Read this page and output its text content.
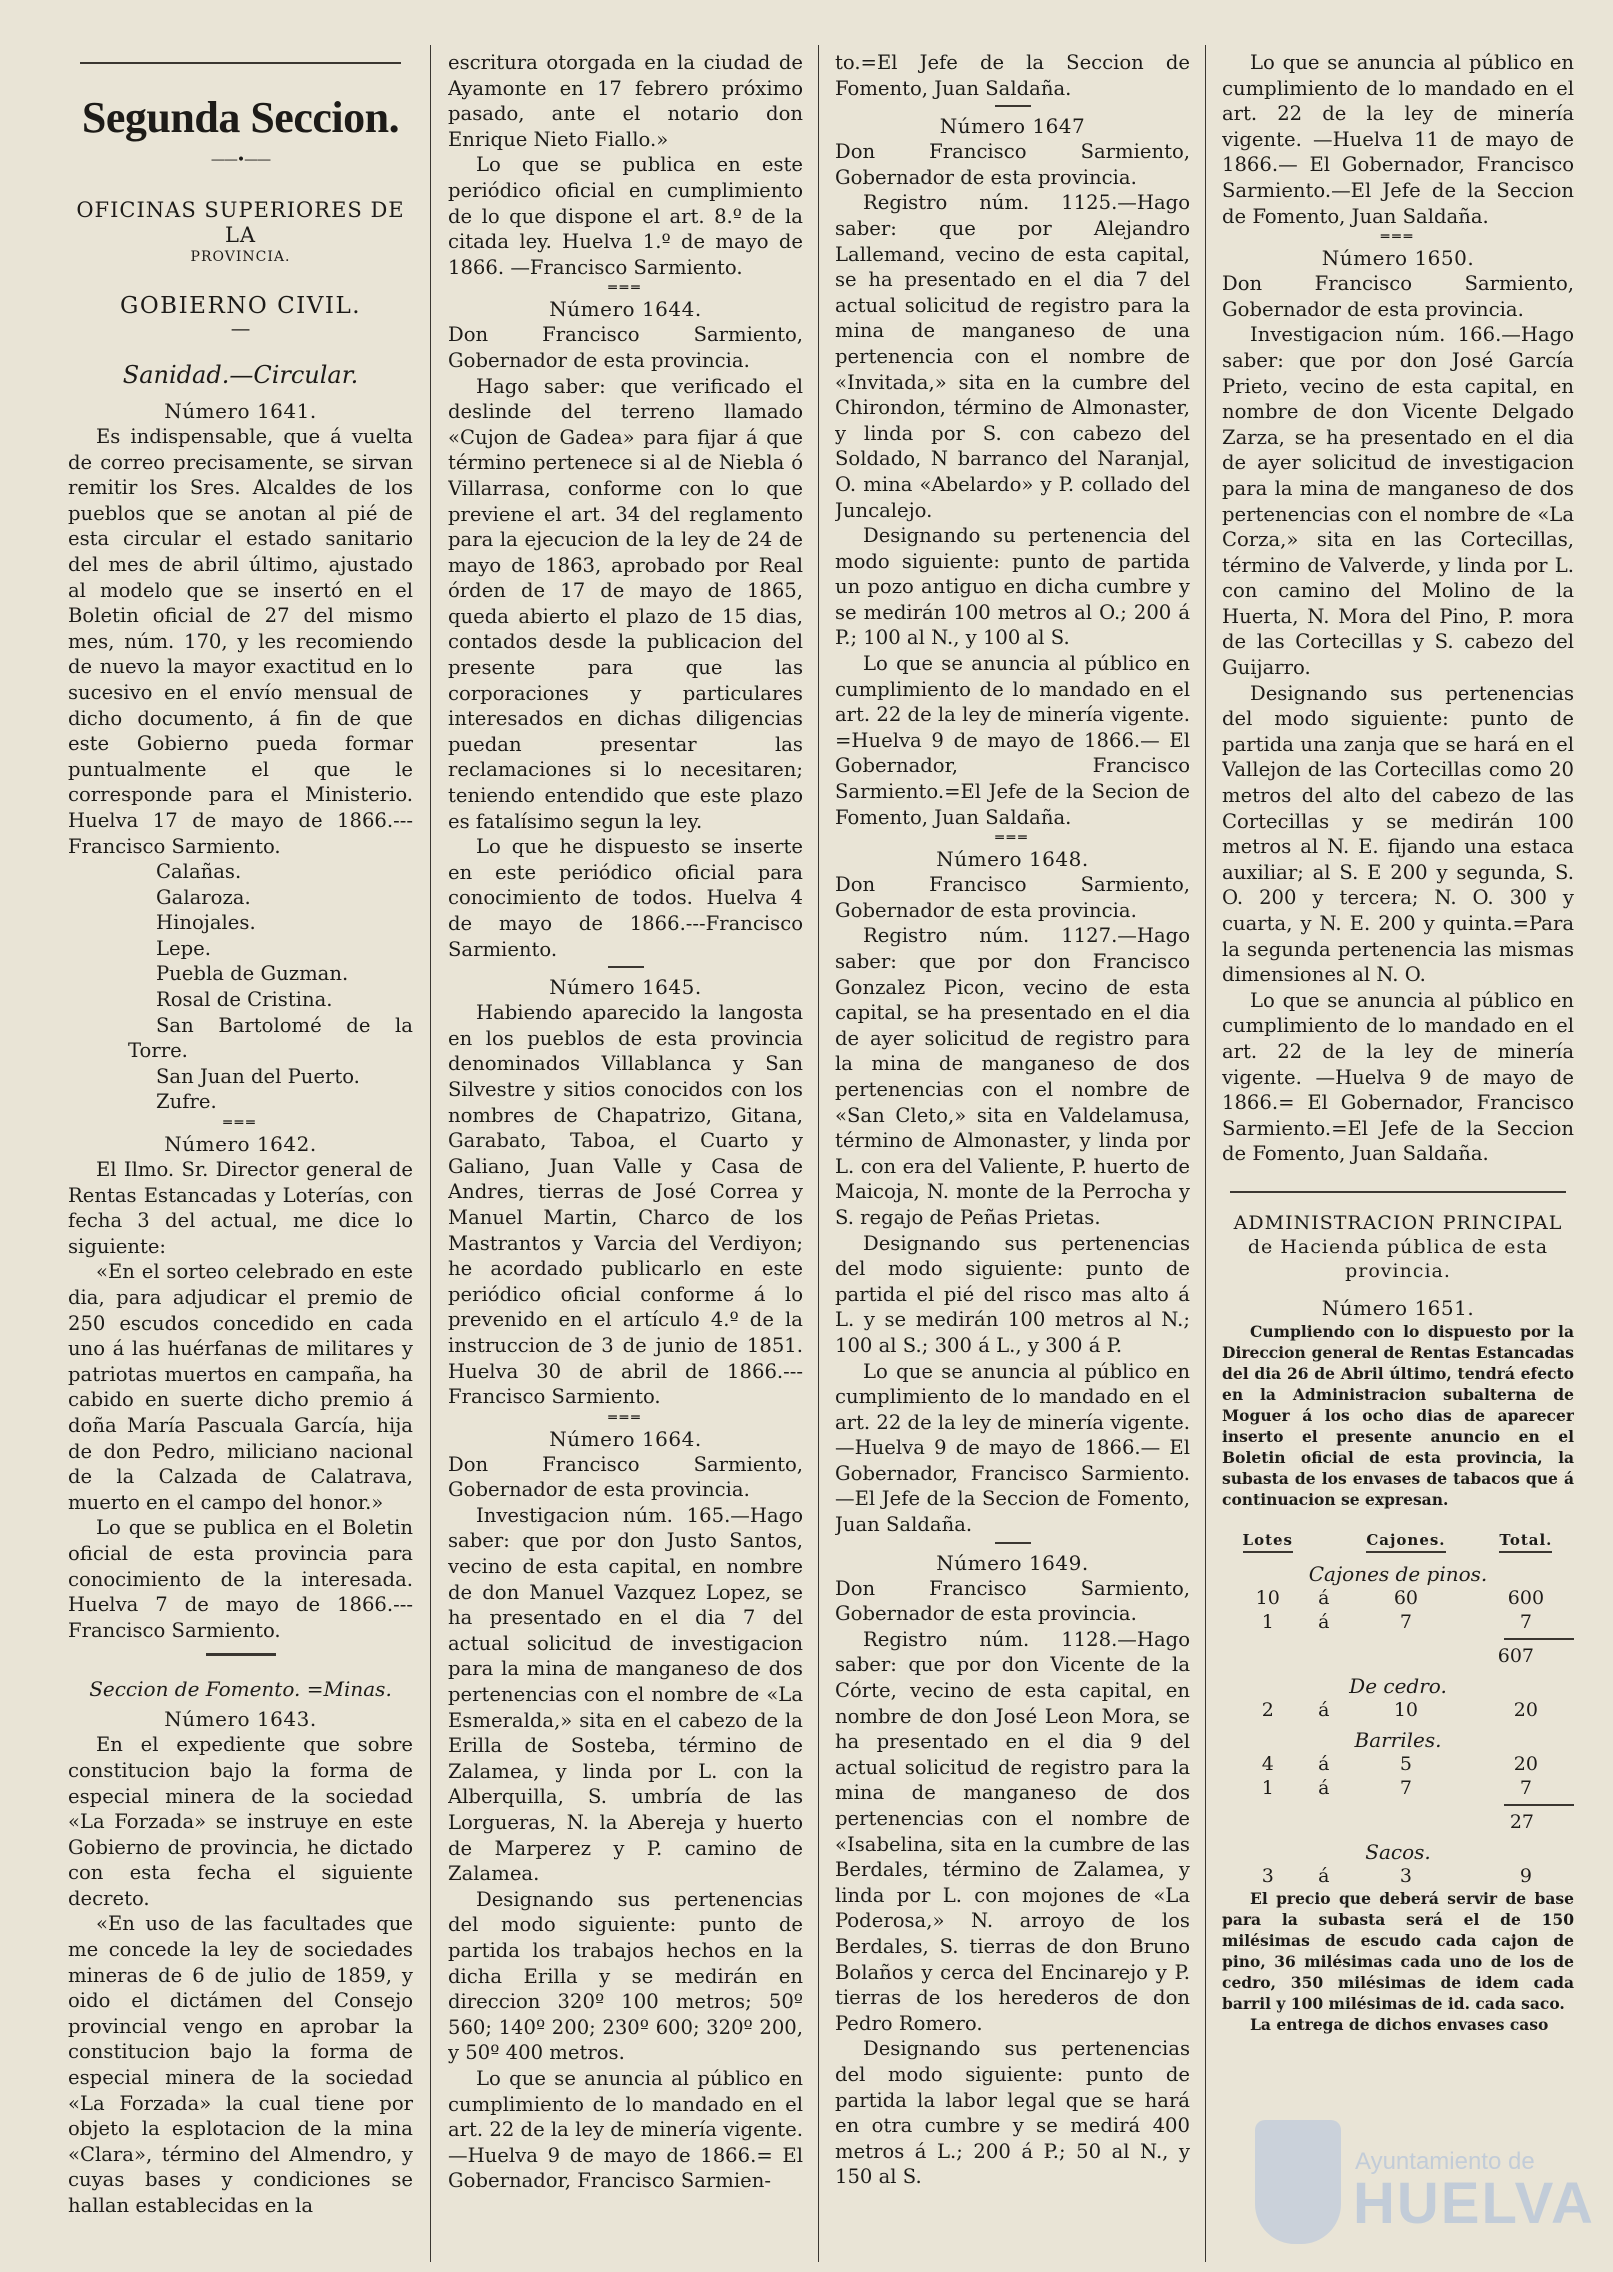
Segunda Seccion.
——•——
OFICINAS SUPERIORES DE LA
PROVINCIA.
GOBIERNO CIVIL.
—
Sanidad.—Circular.
Número 1641.

Es indispensable, que á vuelta de correo precisamente, se sirvan remitir los Sres. Alcaldes de los pueblos que se anotan al pié de esta circular el estado sanitario del mes de abril último, ajustado al modelo que se insertó en el Boletin oficial de 27 del mismo mes, núm. 170, y les recomiendo de nuevo la mayor exactitud en lo sucesivo en el envío mensual de dicho documento, á fin de que este Gobierno pueda formar puntualmente el que le corresponde para el Ministerio. Huelva 17 de mayo de 1866.---Francisco Sarmiento.

Calañas.

Galaroza.

Hinojales.

Lepe.

Puebla de Guzman.

Rosal de Cristina.

San Bartolomé de la Torre.

San Juan del Puerto.

Zufre.

═══
Número 1642.

El Ilmo. Sr. Director general de Rentas Estancadas y Loterías, con fecha 3 del actual, me dice lo siguiente:

«En el sorteo celebrado en este dia, para adjudicar el premio de 250 escudos concedido en cada uno á las huérfanas de militares y patriotas muertos en campaña, ha cabido en suerte dicho premio á doña María Pascuala García, hija de don Pedro, miliciano nacional de la Calzada de Calatrava, muerto en el campo del honor.»

Lo que se publica en el Boletin oficial de esta provincia para conocimiento de la interesada. Huelva 7 de mayo de 1866.---Francisco Sarmiento.

Seccion de Fomento. =Minas.
Número 1643.

En el expediente que sobre constitucion bajo la forma de especial minera de la sociedad «La Forzada» se instruye en este Gobierno de provincia, he dictado con esta fecha el siguiente decreto.

«En uso de las facultades que me concede la ley de sociedades mineras de 6 de julio de 1859, y oido el dictámen del Consejo provincial vengo en aprobar la constitucion bajo la forma de especial minera de la sociedad «La Forzada» la cual tiene por objeto la esplotacion de la mina «Clara», término del Almendro, y cuyas bases y condiciones se hallan establecidas en la

escritura otorgada en la ciudad de Ayamonte en 17 febrero próximo pasado, ante el notario don Enrique Nieto Fiallo.»

Lo que se publica en este periódico oficial en cumplimiento de lo que dispone el art. 8.º de la citada ley. Huelva 1.º de mayo de 1866. —Francisco Sarmiento.

═══
Número 1644.

Don Francisco Sarmiento, Gobernador de esta provincia.

Hago saber: que verificado el deslinde del terreno llamado «Cujon de Gadea» para fijar á que término pertenece si al de Niebla ó Villarrasa, conforme con lo que previene el art. 34 del reglamento para la ejecucion de la ley de 24 de mayo de 1863, aprobado por Real órden de 17 de mayo de 1865, queda abierto el plazo de 15 dias, contados desde la publicacion del presente para que las corporaciones y particulares interesados en dichas diligencias puedan presentar las reclamaciones si lo necesitaren; teniendo entendido que este plazo es fatalísimo segun la ley.

Lo que he dispuesto se inserte en este periódico oficial para conocimiento de todos. Huelva 4 de mayo de 1866.---Francisco Sarmiento.

Número 1645.

Habiendo aparecido la langosta en los pueblos de esta provincia denominados Villablanca y San Silvestre y sitios conocidos con los nombres de Chapatrizo, Gitana, Garabato, Taboa, el Cuarto y Galiano, Juan Valle y Casa de Andres, tierras de José Correa y Manuel Martin, Charco de los Mastrantos y Varcia del Verdiyon; he acordado publicarlo en este periódico oficial conforme á lo prevenido en el artículo 4.º de la instruccion de 3 de junio de 1851. Huelva 30 de abril de 1866.---Francisco Sarmiento.

═══
Número 1664.

Don Francisco Sarmiento, Gobernador de esta provincia.

Investigacion núm. 165.—Hago saber: que por don Justo Santos, vecino de esta capital, en nombre de don Manuel Vazquez Lopez, se ha presentado en el dia 7 del actual solicitud de investigacion para la mina de manganeso de dos pertenencias con el nombre de «La Esmeralda,» sita en el cabezo de la Erilla de Sosteba, término de Zalamea, y linda por L. con la Alberquilla, S. umbría de las Lorgueras, N. la Abereja y huerto de Marperez y P. camino de Zalamea.

Designando sus pertenencias del modo siguiente: punto de partida los trabajos hechos en la dicha Erilla y se medirán en direccion 320º 100 metros; 50º 560; 140º 200; 230º 600; 320º 200, y 50º 400 metros.

Lo que se anuncia al público en cumplimiento de lo mandado en el art. 22 de la ley de minería vigente. —Huelva 9 de mayo de 1866.= El Gobernador, Francisco Sarmien-

to.=El Jefe de la Seccion de Fomento, Juan Saldaña.

Número 1647

Don Francisco Sarmiento, Gobernador de esta provincia.

Registro núm. 1125.—Hago saber: que por Alejandro Lallemand, vecino de esta capital, se ha presentado en el dia 7 del actual solicitud de registro para la mina de manganeso de una pertenencia con el nombre de «Invitada,» sita en la cumbre del Chirondon, término de Almonaster, y linda por S. con cabezo del Soldado, N barranco del Naranjal, O. mina «Abelardo» y P. collado del Juncalejo.

Designando su pertenencia del modo siguiente: punto de partida un pozo antiguo en dicha cumbre y se medirán 100 metros al O.; 200 á P.; 100 al N., y 100 al S.

Lo que se anuncia al público en cumplimiento de lo mandado en el art. 22 de la ley de minería vigente. =Huelva 9 de mayo de 1866.— El Gobernador, Francisco Sarmiento.=El Jefe de la Secion de Fomento, Juan Saldaña.

═══
Número 1648.

Don Francisco Sarmiento, Gobernador de esta provincia.

Registro núm. 1127.—Hago saber: que por don Francisco Gonzalez Picon, vecino de esta capital, se ha presentado en el dia de ayer solicitud de registro para la mina de manganeso de dos pertenencias con el nombre de «San Cleto,» sita en Valdelamusa, término de Almonaster, y linda por L. con era del Valiente, P. huerto de Maicoja, N. monte de la Perrocha y S. regajo de Peñas Prietas.

Designando sus pertenencias del modo siguiente: punto de partida el pié del risco mas alto á L. y se medirán 100 metros al N.; 100 al S.; 300 á L., y 300 á P.

Lo que se anuncia al público en cumplimiento de lo mandado en el art. 22 de la ley de minería vigente. —Huelva 9 de mayo de 1866.— El Gobernador, Francisco Sarmiento.—El Jefe de la Seccion de Fomento, Juan Saldaña.

Número 1649.

Don Francisco Sarmiento, Gobernador de esta provincia.

Registro núm. 1128.—Hago saber: que por don Vicente de la Córte, vecino de esta capital, en nombre de don José Leon Mora, se ha presentado en el dia 9 del actual solicitud de registro para la mina de manganeso de dos pertenencias con el nombre de «Isabelina, sita en la cumbre de las Berdales, término de Zalamea, y linda por L. con mojones de «La Poderosa,» N. arroyo de los Berdales, S. tierras de don Bruno Bolaños y cerca del Encinarejo y P. tierras de los herederos de don Pedro Romero.

Designando sus pertenencias del modo siguiente: punto de partida la labor legal que se hará en otra cumbre y se medirá 400 metros á L.; 200 á P.; 50 al N., y 150 al S.

Lo que se anuncia al público en cumplimiento de lo mandado en el art. 22 de la ley de minería vigente. —Huelva 11 de mayo de 1866.— El Gobernador, Francisco Sarmiento.—El Jefe de la Seccion de Fomento, Juan Saldaña.

═══
Número 1650.

Don Francisco Sarmiento, Gobernador de esta provincia.

Investigacion núm. 166.—Hago saber: que por don José García Prieto, vecino de esta capital, en nombre de don Vicente Delgado Zarza, se ha presentado en el dia de ayer solicitud de investigacion para la mina de manganeso de dos pertenencias con el nombre de «La Corza,» sita en las Cortecillas, término de Valverde, y linda por L. con camino del Molino de la Huerta, N. Mora del Pino, P. mora de las Cortecillas y S. cabezo del Guijarro.

Designando sus pertenencias del modo siguiente: punto de partida una zanja que se hará en el Vallejon de las Cortecillas como 20 metros del alto del cabezo de las Cortecillas y se medirán 100 metros al N. E. fijando una estaca auxiliar; al S. E 200 y segunda, S. O. 200 y tercera; N. O. 300 y cuarta, y N. E. 200 y quinta.=Para la segunda pertenencia las mismas dimensiones al N. O.

Lo que se anuncia al público en cumplimiento de lo mandado en el art. 22 de la ley de minería vigente. —Huelva 9 de mayo de 1866.= El Gobernador, Francisco Sarmiento.=El Jefe de la Seccion de Fomento, Juan Saldaña.

ADMINISTRACION PRINCIPAL
de Hacienda pública de esta provincia.
Número 1651.

Cumpliendo con lo dispuesto por la Direccion general de Rentas Estancadas del dia 26 de Abril último, tendrá efecto en la Administracion subalterna de Moguer á los ocho dias de aparecer inserto el presente anuncio en el Boletin oficial de esta provincia, la subasta de los envases de tabacos que á continuacion se expresan.

Lotes		Cajones.	Total.
Cajones de pinos.			
10	á	60	600
1	á	7	7

607			
De cedro.			
2	á	10	20
Barriles.			
4	á	5	20
1	á	7	7

27			
Sacos.			
3	á	3	9

El precio que deberá servir de base para la subasta será el de 150 milésimas de escudo cada cajon de pino, 36 milésimas cada uno de los de cedro, 350 milésimas de idem cada barril y 100 milésimas de id. cada saco.

La entrega de dichos envases caso

Ayuntamiento de
HUELVA
